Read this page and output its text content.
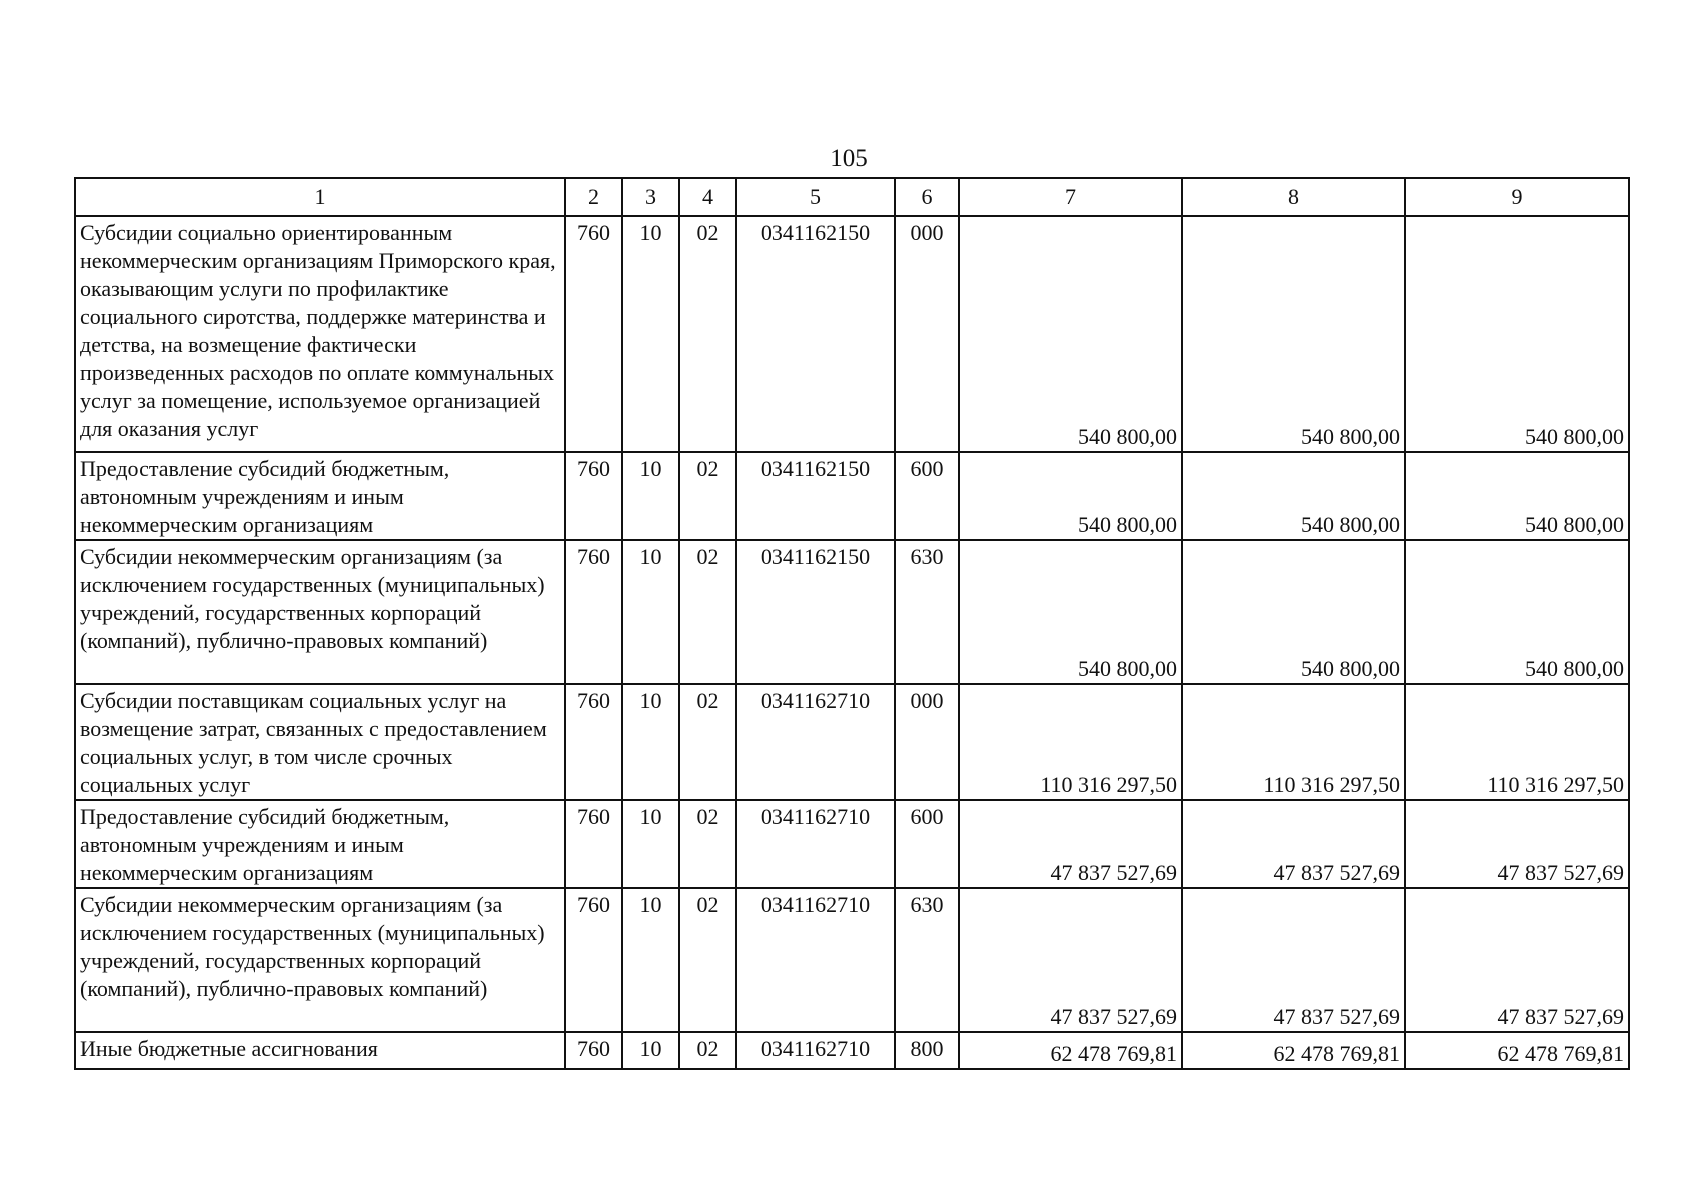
105
1	2	3	4	5	6	7	8	9
Субсидии социально ориентированным некоммерческим организациям Приморского края, оказывающим услуги по профилактике социального сиротства, поддержке материнства и детства, на возмещение фактически произведенных расходов по оплате коммунальных услуг за помещение, используемое организацией для оказания услуг	760	10	02	0341162150	000	540 800,00	540 800,00	540 800,00
Предоставление субсидий бюджетным, автономным учреждениям и иным некоммерческим организациям	760	10	02	0341162150	600	540 800,00	540 800,00	540 800,00
Субсидии некоммерческим организациям (за исключением государственных (муниципальных) учреждений, государственных корпораций (компаний), публично-правовых компаний)	760	10	02	0341162150	630	540 800,00	540 800,00	540 800,00
Субсидии поставщикам социальных услуг на возмещение затрат, связанных с предоставлением социальных услуг, в том числе срочных социальных услуг	760	10	02	0341162710	000	110 316 297,50	110 316 297,50	110 316 297,50
Предоставление субсидий бюджетным, автономным учреждениям и иным некоммерческим организациям	760	10	02	0341162710	600	47 837 527,69	47 837 527,69	47 837 527,69
Субсидии некоммерческим организациям (за исключением государственных (муниципальных) учреждений, государственных корпораций (компаний), публично-правовых компаний)	760	10	02	0341162710	630	47 837 527,69	47 837 527,69	47 837 527,69
Иные бюджетные ассигнования	760	10	02	0341162710	800	62 478 769,81	62 478 769,81	62 478 769,81
